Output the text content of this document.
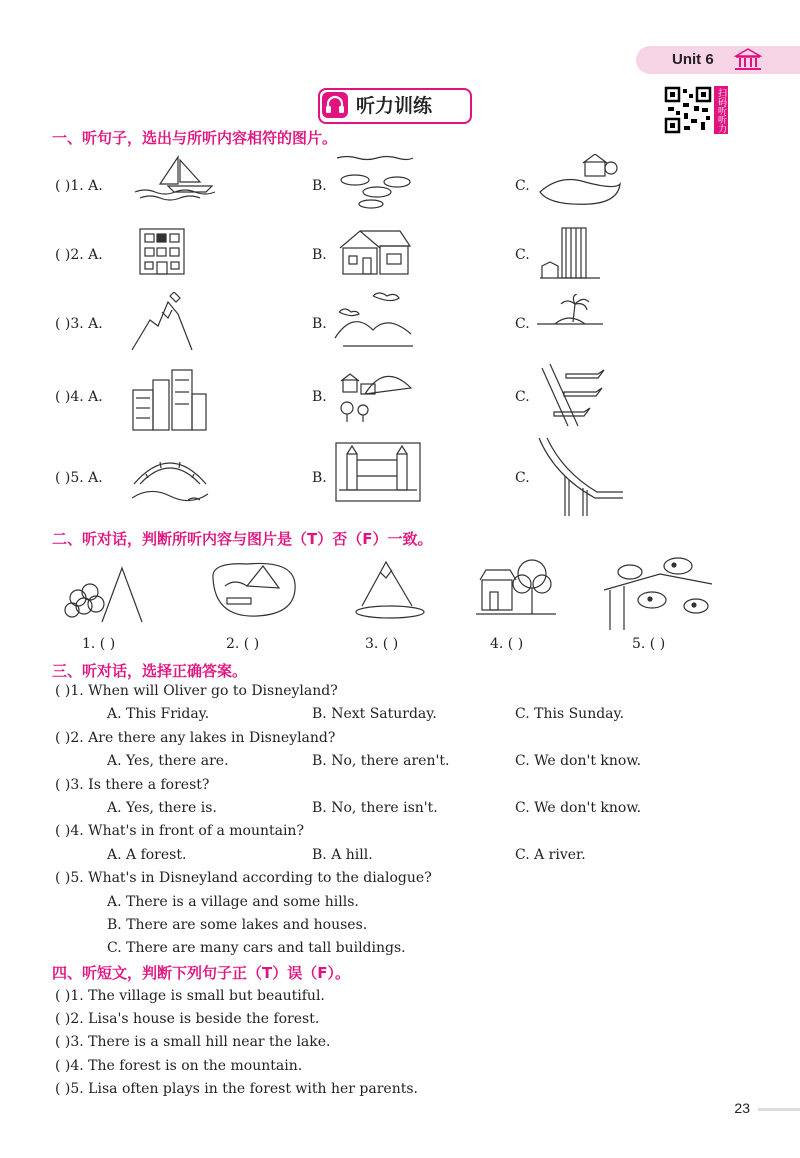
Unit 6
听力训练	扫码听听力
一、听句子，选出与所听内容相符的图片。
( )1. A.	B.	C.
( )2. A.	B.	C.
( )3. A.	B.	C.
( )4. A.	B.	C.
( )5. A.	B.	C.
二、听对话，判断所听内容与图片是（T）否（F）一致。
1. ( )	2. ( )	3. ( )	4. ( )	5. ( )
三、听对话，选择正确答案。
( )1. When will Oliver go to Disneyland?
A. This Friday.	B. Next Saturday.	C. This Sunday.
( )2. Are there any lakes in Disneyland?
A. Yes, there are.	B. No, there aren't.	C. We don't know.
( )3. Is there a forest?
A. Yes, there is.	B. No, there isn't.	C. We don't know.
( )4. What's in front of a mountain?
A. A forest.	B. A hill.	C. A river.
( )5. What's in Disneyland according to the dialogue?
A. There is a village and some hills.
B. There are some lakes and houses.
C. There are many cars and tall buildings.
四、听短文，判断下列句子正（T）误（F）。
( )1. The village is small but beautiful.
( )2. Lisa's house is beside the forest.
( )3. There is a small hill near the lake.
( )4. The forest is on the mountain.
( )5. Lisa often plays in the forest with her parents.
23
